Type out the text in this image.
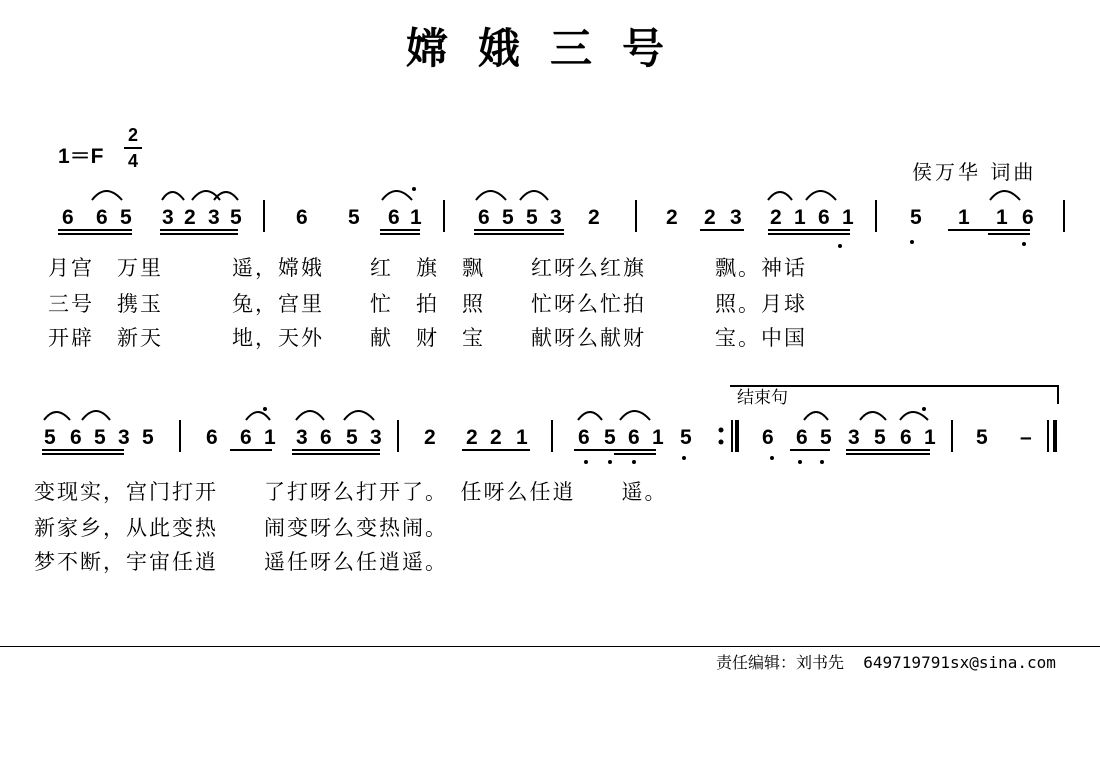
嫦娥三号
1＝F
2
4	侯万华 词曲
6 6 5 3 2 3 5	6 5 6 1	6 5 5 3 2	2 2 3 2 1 6 1	5 1 1 6
月宫　万里　　　遥，嫦娥　　红　旗　飘　　红呀么红旗　　　飘。神话
三号　携玉　　　兔，宫里　　忙　拍　照　　忙呀么忙拍　　　照。月球
开辟　新天　　　地，天外　　献　财　宝　　献呀么献财　　　宝。中国
5 6 5 3 5 6 6 1 3 6 5 3 2 2 2 1 6 5 6 1 5	6 6 5 3 5 6 1 5 –
结束句
变现实，宫门打开　　了打呀么打开了。　任呀么任逍　　遥。
新家乡，从此变热　　闹变呀么变热闹。
梦不断，宇宙任逍　　遥任呀么任逍遥。
责任编辑：刘书先  649719791sx@sina.com
